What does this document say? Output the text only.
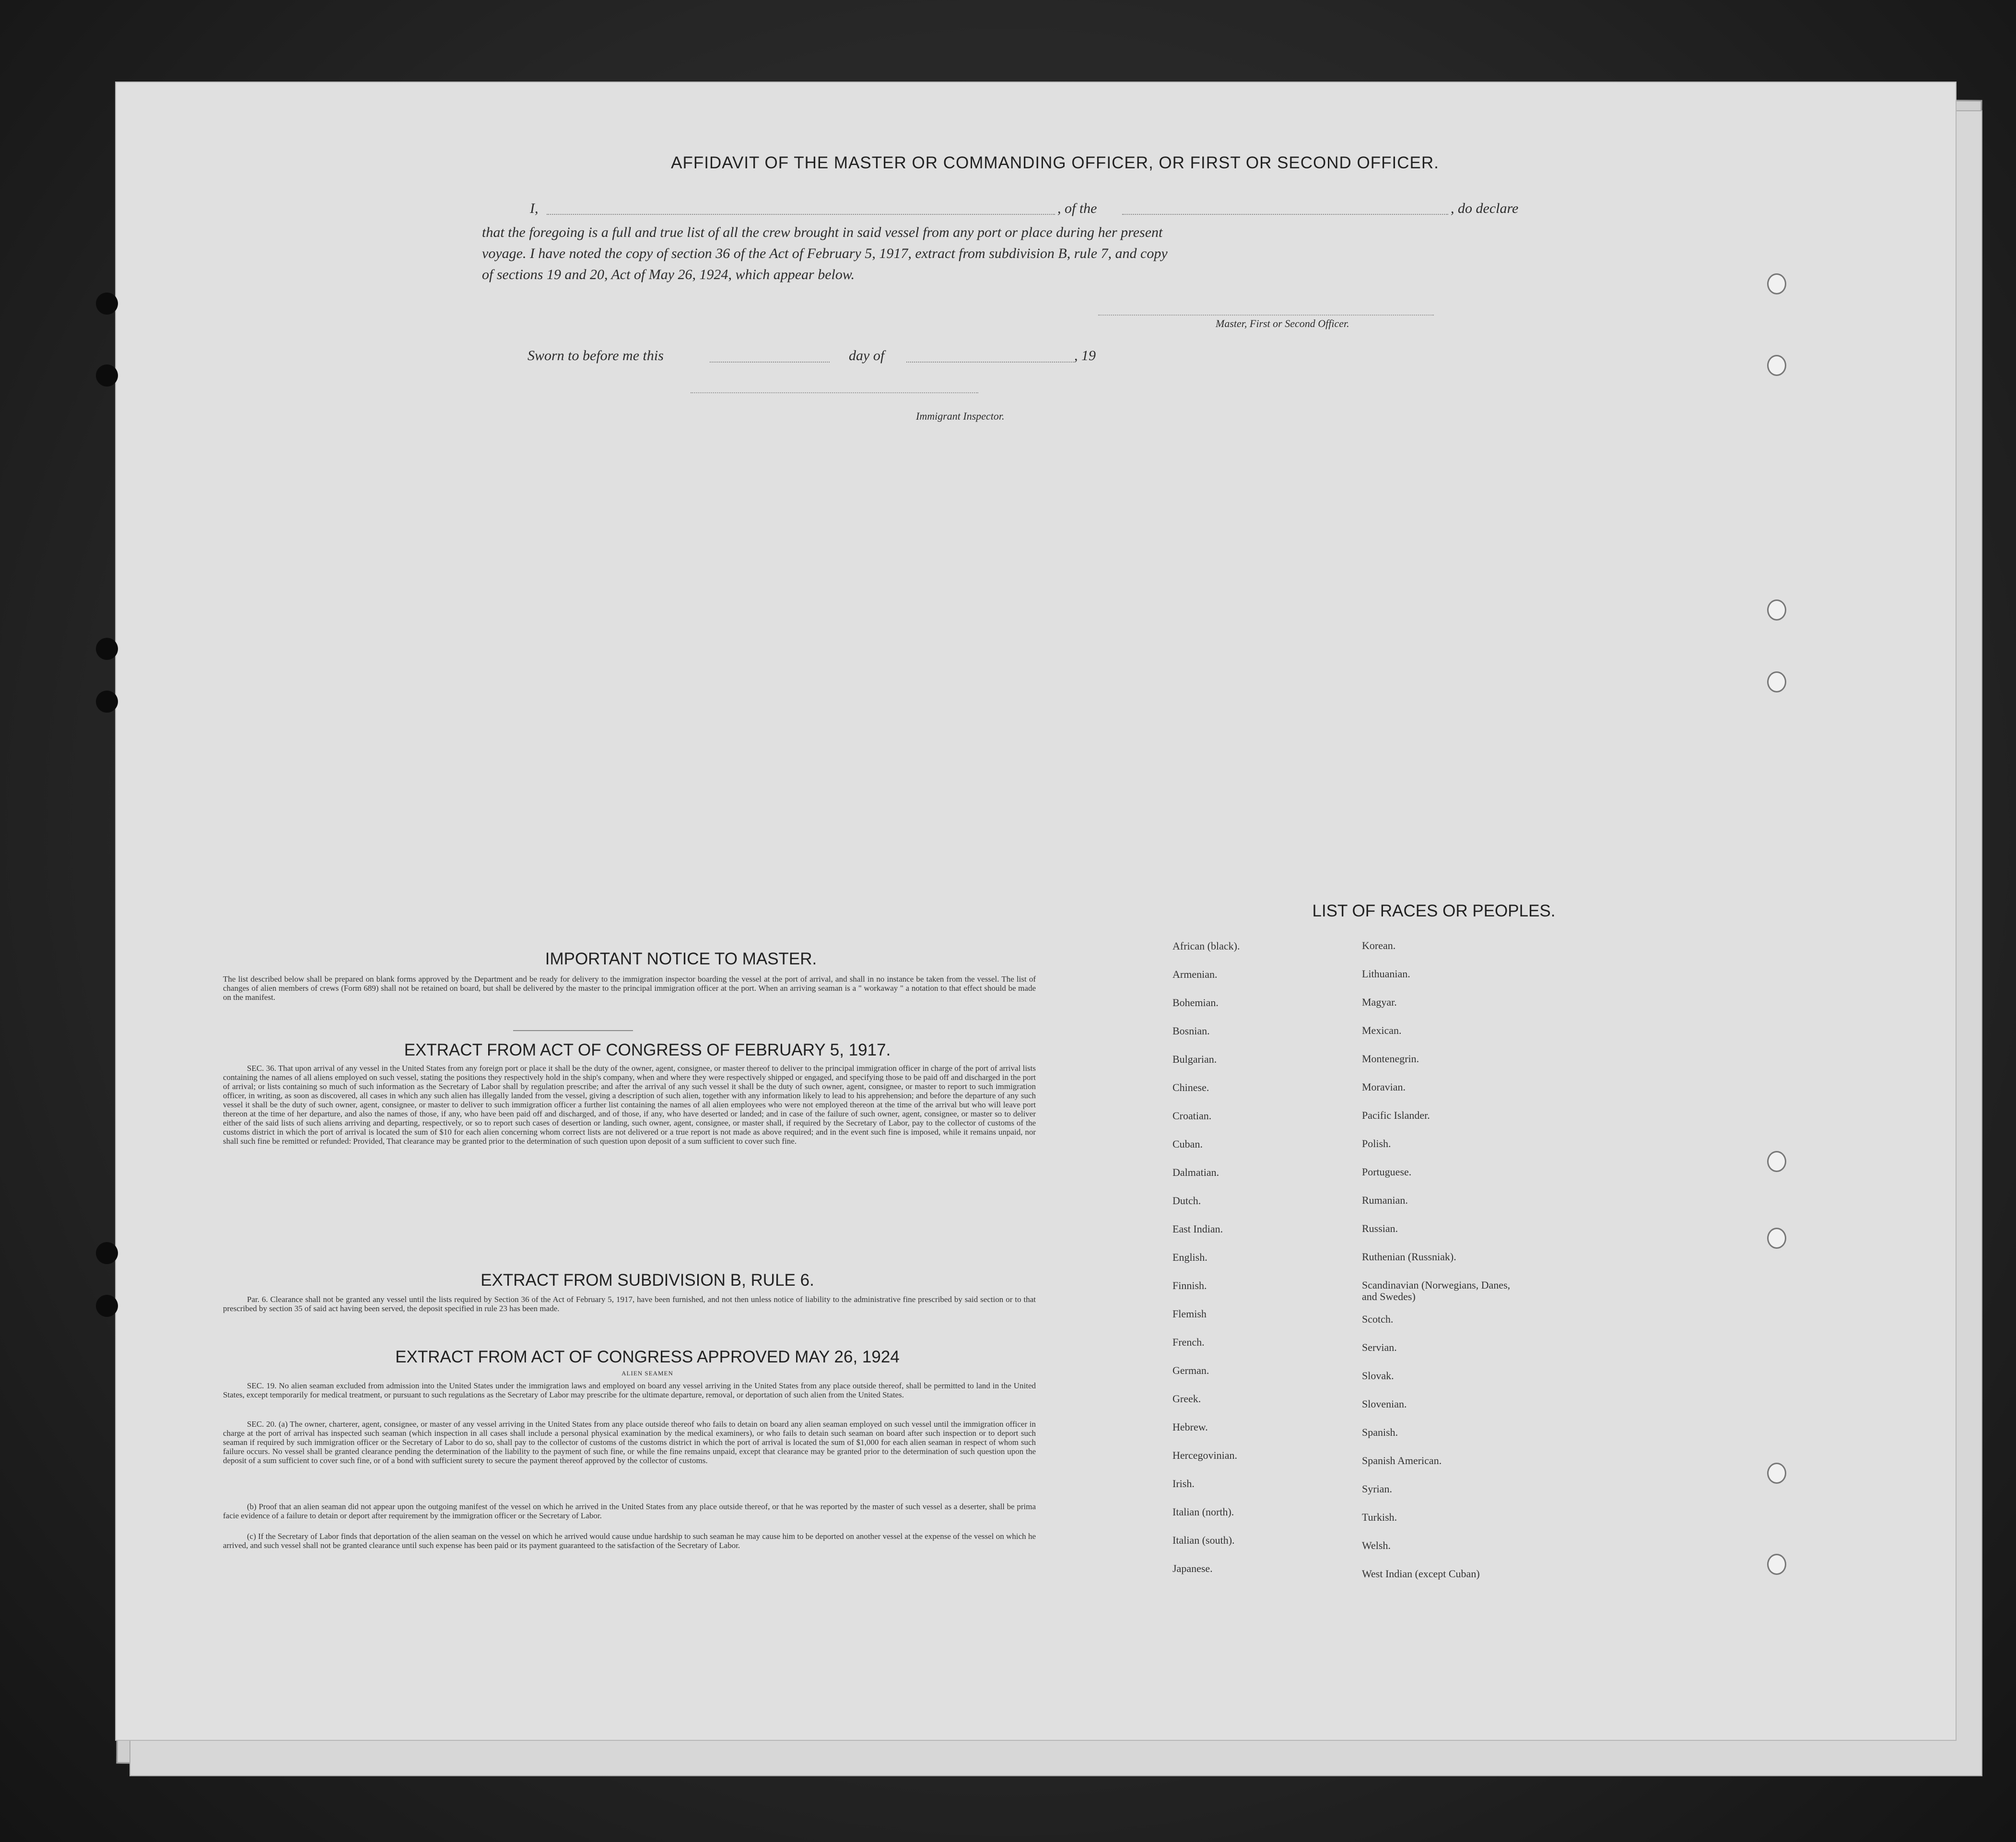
AFFIDAVIT OF THE MASTER OR COMMANDING OFFICER, OR FIRST OR SECOND OFFICER.
I,	, of the	, do declare
that the foregoing is a full and true list of all the crew brought in said vessel from any port or place during her present
voyage. I have noted the copy of section 36 of the Act of February 5, 1917, extract from subdivision B, rule 7, and copy
of sections 19 and 20, Act of May 26, 1924, which appear below.
Master, First or Second Officer.
Sworn to before me this	day of	, 19
Immigrant Inspector.
IMPORTANT NOTICE TO MASTER.
The list described below shall be prepared on blank forms approved by the Department and be ready for delivery to the immigration inspector boarding the vessel at the port of arrival, and shall in no instance be taken from the vessel. The list of changes of alien members of crews (Form 689) shall not be retained on board, but shall be delivered by the master to the principal immigration officer at the port. When an arriving seaman is a " workaway " a notation to that effect should be made on the manifest.
EXTRACT FROM ACT OF CONGRESS OF FEBRUARY 5, 1917.
SEC. 36. That upon arrival of any vessel in the United States from any foreign port or place it shall be the duty of the owner, agent, consignee, or master thereof to deliver to the principal immigration officer in charge of the port of arrival lists containing the names of all aliens employed on such vessel, stating the positions they respectively hold in the ship's company, when and where they were respectively shipped or engaged, and specifying those to be paid off and discharged in the port of arrival; or lists containing so much of such information as the Secretary of Labor shall by regulation prescribe; and after the arrival of any such vessel it shall be the duty of such owner, agent, consignee, or master to report to such immigration officer, in writing, as soon as discovered, all cases in which any such alien has illegally landed from the vessel, giving a description of such alien, together with any information likely to lead to his apprehension; and before the departure of any such vessel it shall be the duty of such owner, agent, consignee, or master to deliver to such immigration officer a further list containing the names of all alien employees who were not employed thereon at the time of the arrival but who will leave port thereon at the time of her departure, and also the names of those, if any, who have been paid off and discharged, and of those, if any, who have deserted or landed; and in case of the failure of such owner, agent, consignee, or master so to deliver either of the said lists of such aliens arriving and departing, respectively, or so to report such cases of desertion or landing, such owner, agent, consignee, or master shall, if required by the Secretary of Labor, pay to the collector of customs of the customs district in which the port of arrival is located the sum of $10 for each alien concerning whom correct lists are not delivered or a true report is not made as above required; and in the event such fine is imposed, while it remains unpaid, nor shall such fine be remitted or refunded: Provided, That clearance may be granted prior to the determination of such question upon deposit of a sum sufficient to cover such fine.
EXTRACT FROM SUBDIVISION B, RULE 6.
Par. 6. Clearance shall not be granted any vessel until the lists required by Section 36 of the Act of February 5, 1917, have been furnished, and not then unless notice of liability to the administrative fine prescribed by said section or to that prescribed by section 35 of said act having been served, the deposit specified in rule 23 has been made.
EXTRACT FROM ACT OF CONGRESS APPROVED MAY 26, 1924
ALIEN SEAMEN
SEC. 19. No alien seaman excluded from admission into the United States under the immigration laws and employed on board any vessel arriving in the United States from any place outside thereof, shall be permitted to land in the United States, except temporarily for medical treatment, or pursuant to such regulations as the Secretary of Labor may prescribe for the ultimate departure, removal, or deportation of such alien from the United States.
SEC. 20. (a) The owner, charterer, agent, consignee, or master of any vessel arriving in the United States from any place outside thereof who fails to detain on board any alien seaman employed on such vessel until the immigration officer in charge at the port of arrival has inspected such seaman (which inspection in all cases shall include a personal physical examination by the medical examiners), or who fails to detain such seaman on board after such inspection or to deport such seaman if required by such immigration officer or the Secretary of Labor to do so, shall pay to the collector of customs of the customs district in which the port of arrival is located the sum of $1,000 for each alien seaman in respect of whom such failure occurs. No vessel shall be granted clearance pending the determination of the liability to the payment of such fine, or while the fine remains unpaid, except that clearance may be granted prior to the determination of such question upon the deposit of a sum sufficient to cover such fine, or of a bond with sufficient surety to secure the payment thereof approved by the collector of customs.
(b) Proof that an alien seaman did not appear upon the outgoing manifest of the vessel on which he arrived in the United States from any place outside thereof, or that he was reported by the master of such vessel as a deserter, shall be prima facie evidence of a failure to detain or deport after requirement by the immigration officer or the Secretary of Labor.
(c) If the Secretary of Labor finds that deportation of the alien seaman on the vessel on which he arrived would cause undue hardship to such seaman he may cause him to be deported on another vessel at the expense of the vessel on which he arrived, and such vessel shall not be granted clearance until such expense has been paid or its payment guaranteed to the satisfaction of the Secretary of Labor.
LIST OF RACES OR PEOPLES.
African (black).
Armenian.
Bohemian.
Bosnian.
Bulgarian.
Chinese.
Croatian.
Cuban.
Dalmatian.
Dutch.
East Indian.
English.
Finnish.
Flemish
French.
German.
Greek.
Hebrew.
Hercegovinian.
Irish.
Italian (north).
Italian (south).
Japanese.
Korean.
Lithuanian.
Magyar.
Mexican.
Montenegrin.
Moravian.
Pacific Islander.
Polish.
Portuguese.
Rumanian.
Russian.
Ruthenian (Russniak).
Scandinavian (Norwegians, Danes, and Swedes)
Scotch.
Servian.
Slovak.
Slovenian.
Spanish.
Spanish American.
Syrian.
Turkish.
Welsh.
West Indian (except Cuban)
